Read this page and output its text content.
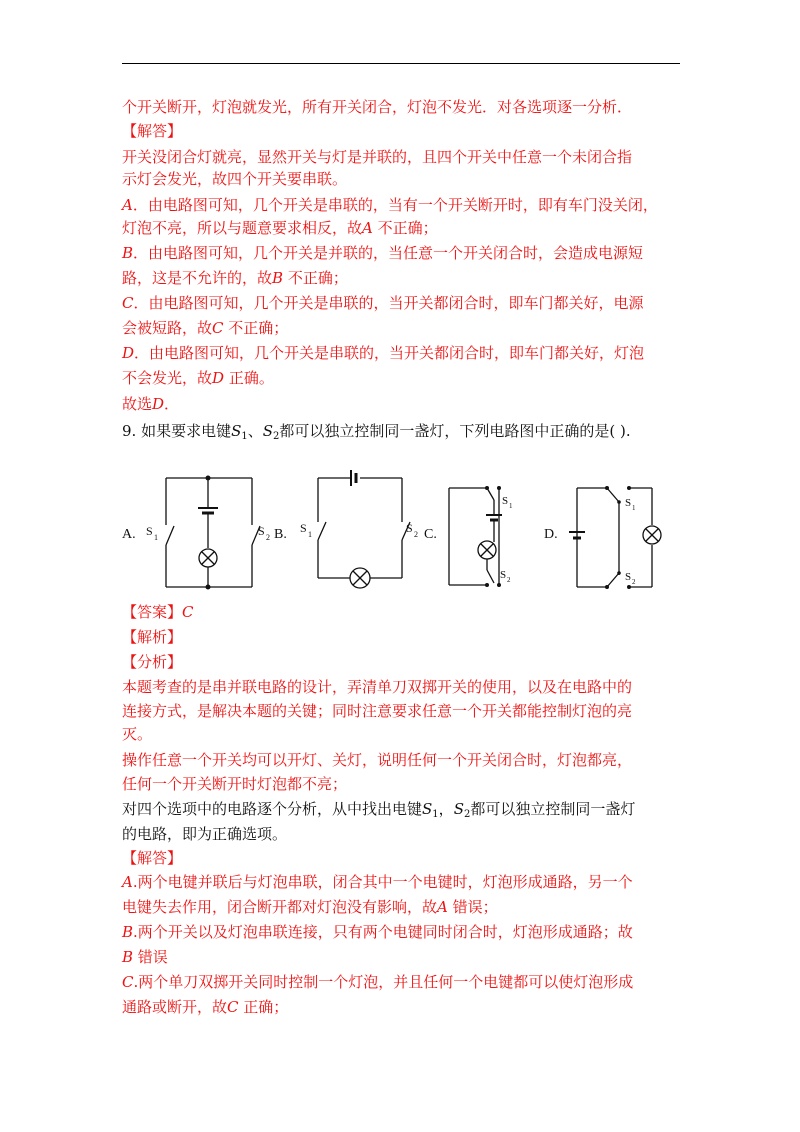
个开关断开，灯泡就发光，所有开关闭合，灯泡不发光．对各选项逐一分析．
【解答】
开关没闭合灯就亮，显然开关与灯是并联的，且四个开关中任意一个未闭合指
示灯会发光，故四个开关要串联。
A．由电路图可知，几个开关是串联的，当有一个开关断开时，即有车门没关闭，
灯泡不亮，所以与题意要求相反，故A 不正确；
B．由电路图可知，几个开关是并联的，当任意一个开关闭合时，会造成电源短
路，这是不允许的，故B 不正确；
C．由电路图可知，几个开关是串联的，当开关都闭合时，即车门都关好，电源
会被短路，故C 不正确；
D．由电路图可知，几个开关是串联的，当开关都闭合时，即车门都关好，灯泡
不会发光，故D 正确。
故选D．
9. 如果要求电键$S_1$、$S_2$都可以独立控制同一盏灯，下列电路图中正确的是( ).
A. S 1	S 2 B. S 1	S 2 C.
S 1
S 2
D.
S 1
S 2
【答案】C
【解析】
【分析】
本题考查的是串并联电路的设计，弄清单刀双掷开关的使用，以及在电路中的
连接方式，是解决本题的关键；同时注意要求任意一个开关都能控制灯泡的亮
灭。
操作任意一个开关均可以开灯、关灯，说明任何一个开关闭合时，灯泡都亮，
任何一个开关断开时灯泡都不亮；
对四个选项中的电路逐个分析，从中找出电键$S_1$，$S_2$都可以独立控制同一盏灯
的电路，即为正确选项。
【解答】
A.两个电键并联后与灯泡串联，闭合其中一个电键时，灯泡形成通路，另一个
电键失去作用，闭合断开都对灯泡没有影响，故A 错误；
B.两个开关以及灯泡串联连接，只有两个电键同时闭合时，灯泡形成通路；故
B 错误
C.两个单刀双掷开关同时控制一个灯泡，并且任何一个电键都可以使灯泡形成
通路或断开，故C 正确；
